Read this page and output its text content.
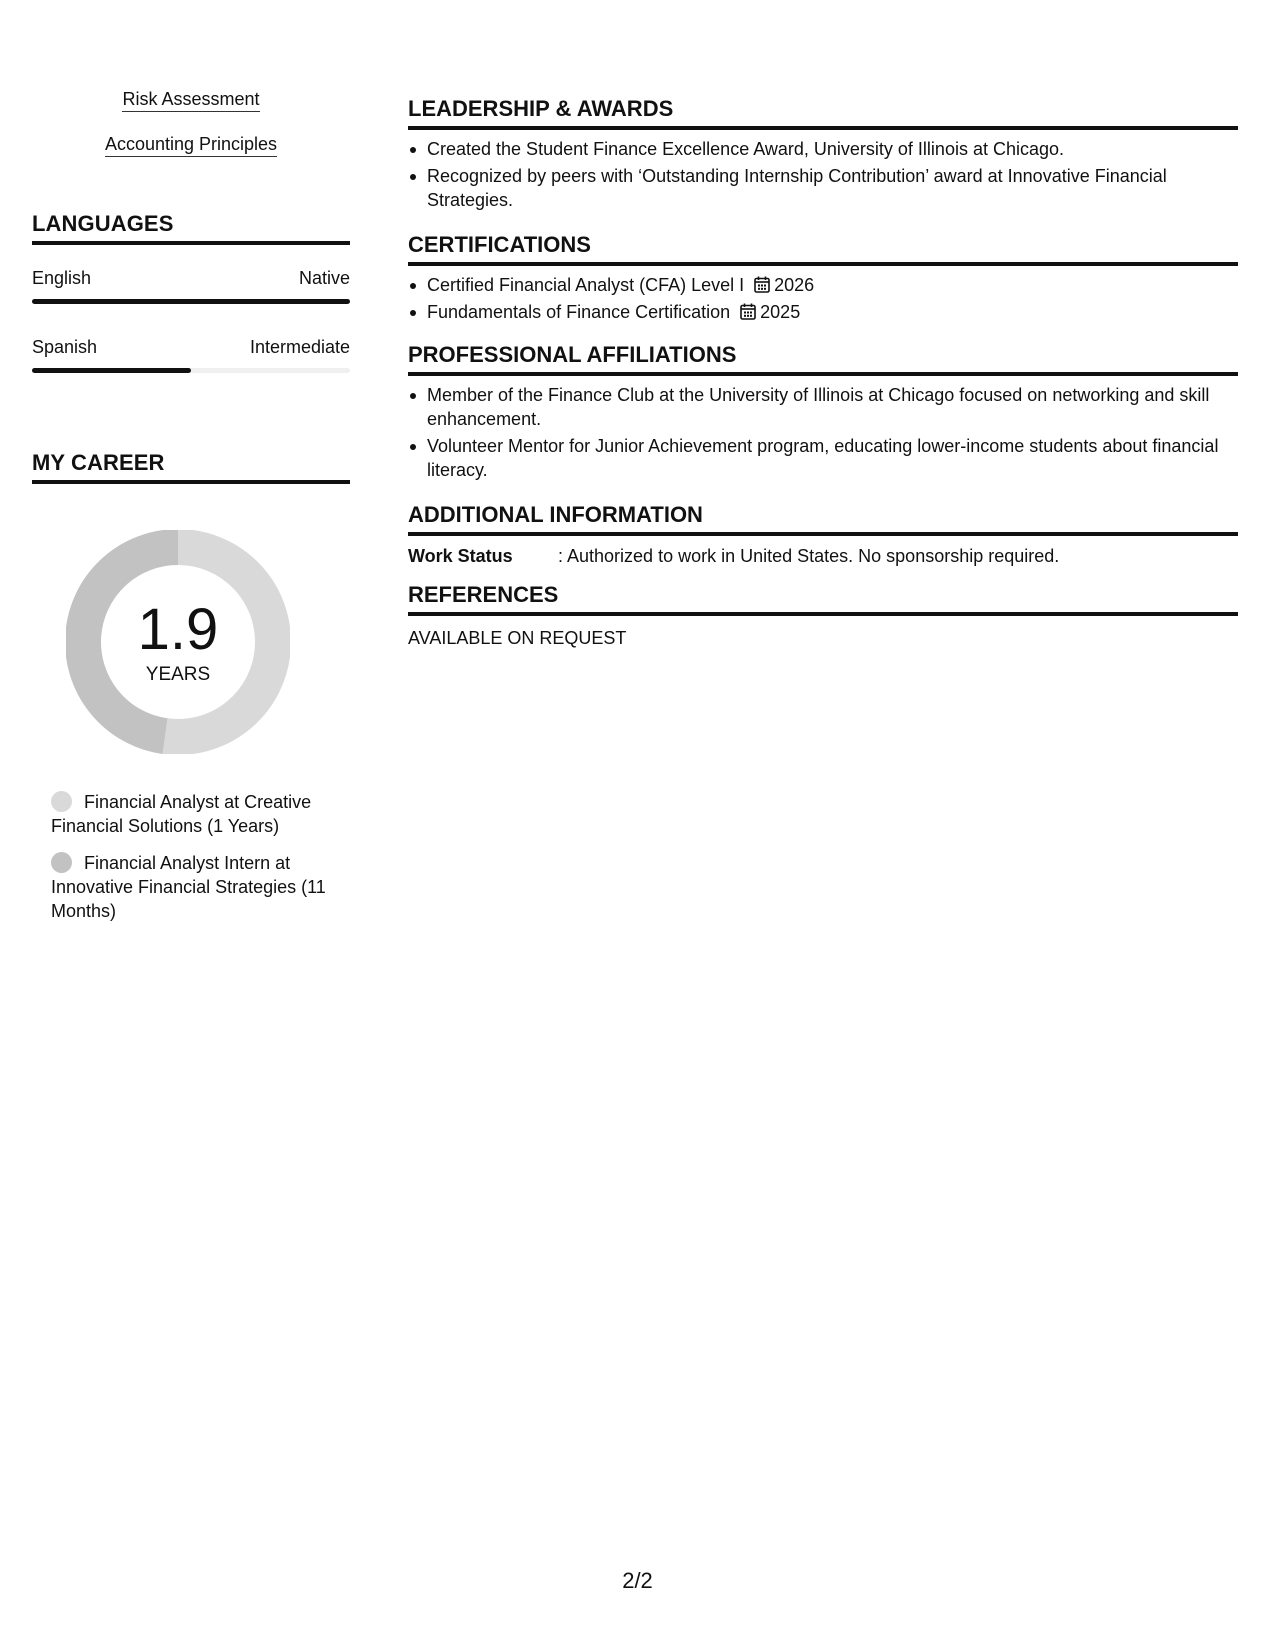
Risk Assessment
Accounting Principles
LANGUAGES
English	Native
Spanish	Intermediate
MY CAREER
1.9
YEARS
Financial Analyst at Creative Financial Solutions (1 Years)
Financial Analyst Intern at Innovative Financial Strategies (11 Months)
LEADERSHIP & AWARDS
Created the Student Finance Excellence Award, University of Illinois at Chicago.
Recognized by peers with ‘Outstanding Internship Contribution’ award at Innovative Financial Strategies.
CERTIFICATIONS
Certified Financial Analyst (CFA) Level I 2026
Fundamentals of Finance Certification 2025
PROFESSIONAL AFFILIATIONS
Member of the Finance Club at the University of Illinois at Chicago focused on networking and skill enhancement.
Volunteer Mentor for Junior Achievement program, educating lower-income students about financial literacy.
ADDITIONAL INFORMATION
Work Status	: Authorized to work in United States. No sponsorship required.
REFERENCES
AVAILABLE ON REQUEST
2/2
